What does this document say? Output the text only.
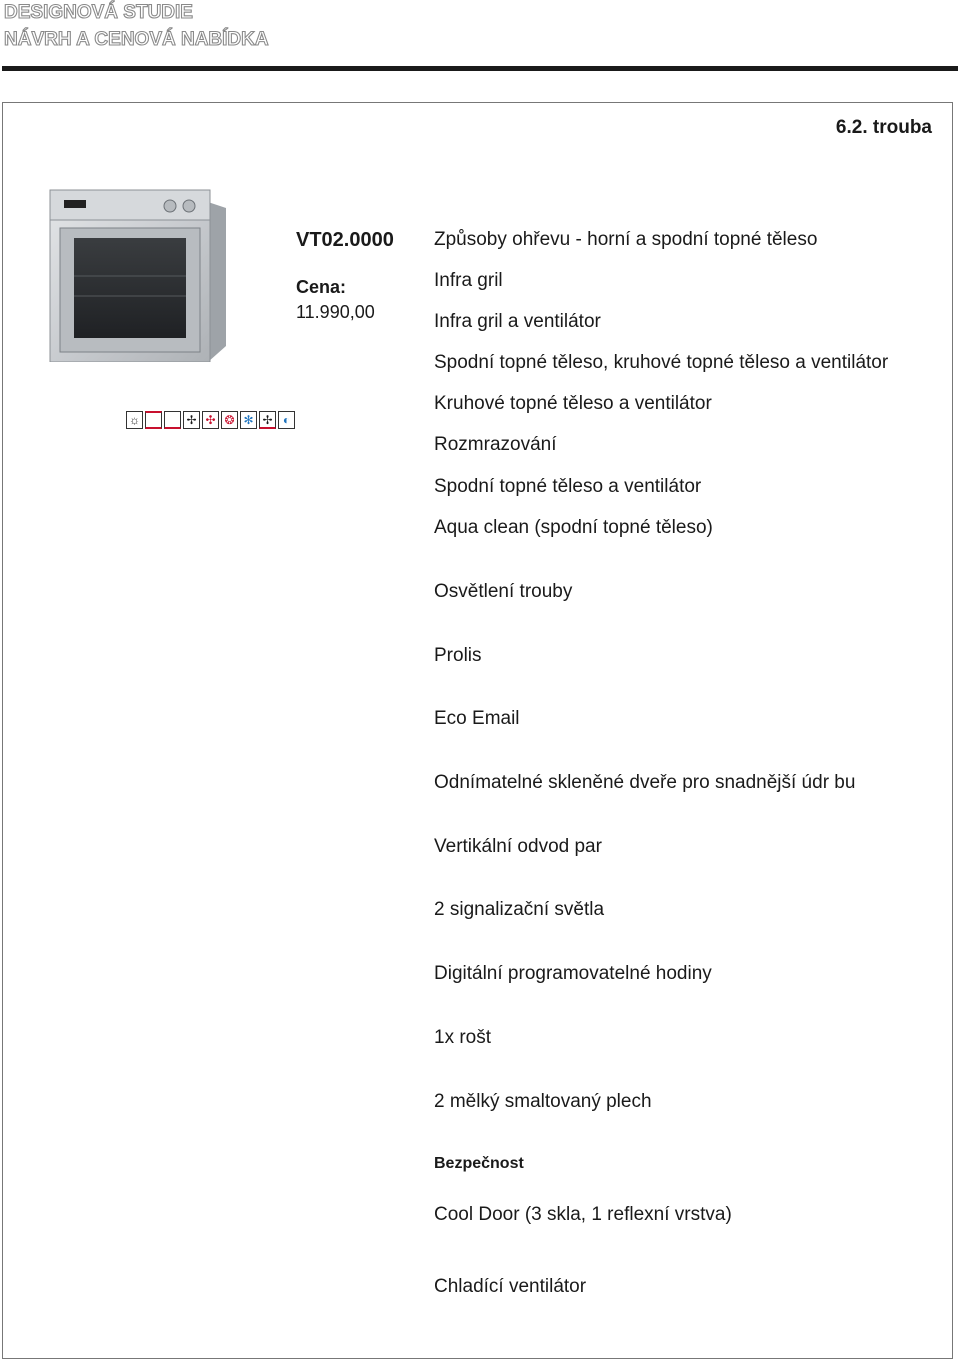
DESIGNOVÁ STUDIE
NÁVRH A CENOVÁ NABÍDKA
6.2. trouba
☼	✢ ✣ ❂ ✻ ✢ ◐
VT02.0000
Cena:
11.990,00
Způsoby ohřevu - horní a spodní topné těleso
Infra gril
Infra gril a ventilátor
Spodní topné těleso, kruhové topné těleso a ventilátor
Kruhové topné těleso a ventilátor
Rozmrazování
Spodní topné těleso a ventilátor
Aqua clean (spodní topné těleso)
Osvětlení trouby
Prolis
Eco Email
Odnímatelné skleněné dveře pro snadnější údr bu
Vertikální odvod par
2 signalizační světla
Digitální programovatelné hodiny
1x rošt
2 mělký smaltovaný plech
Bezpečnost
Cool Door (3 skla, 1 reflexní vrstva)
Chladící ventilátor
